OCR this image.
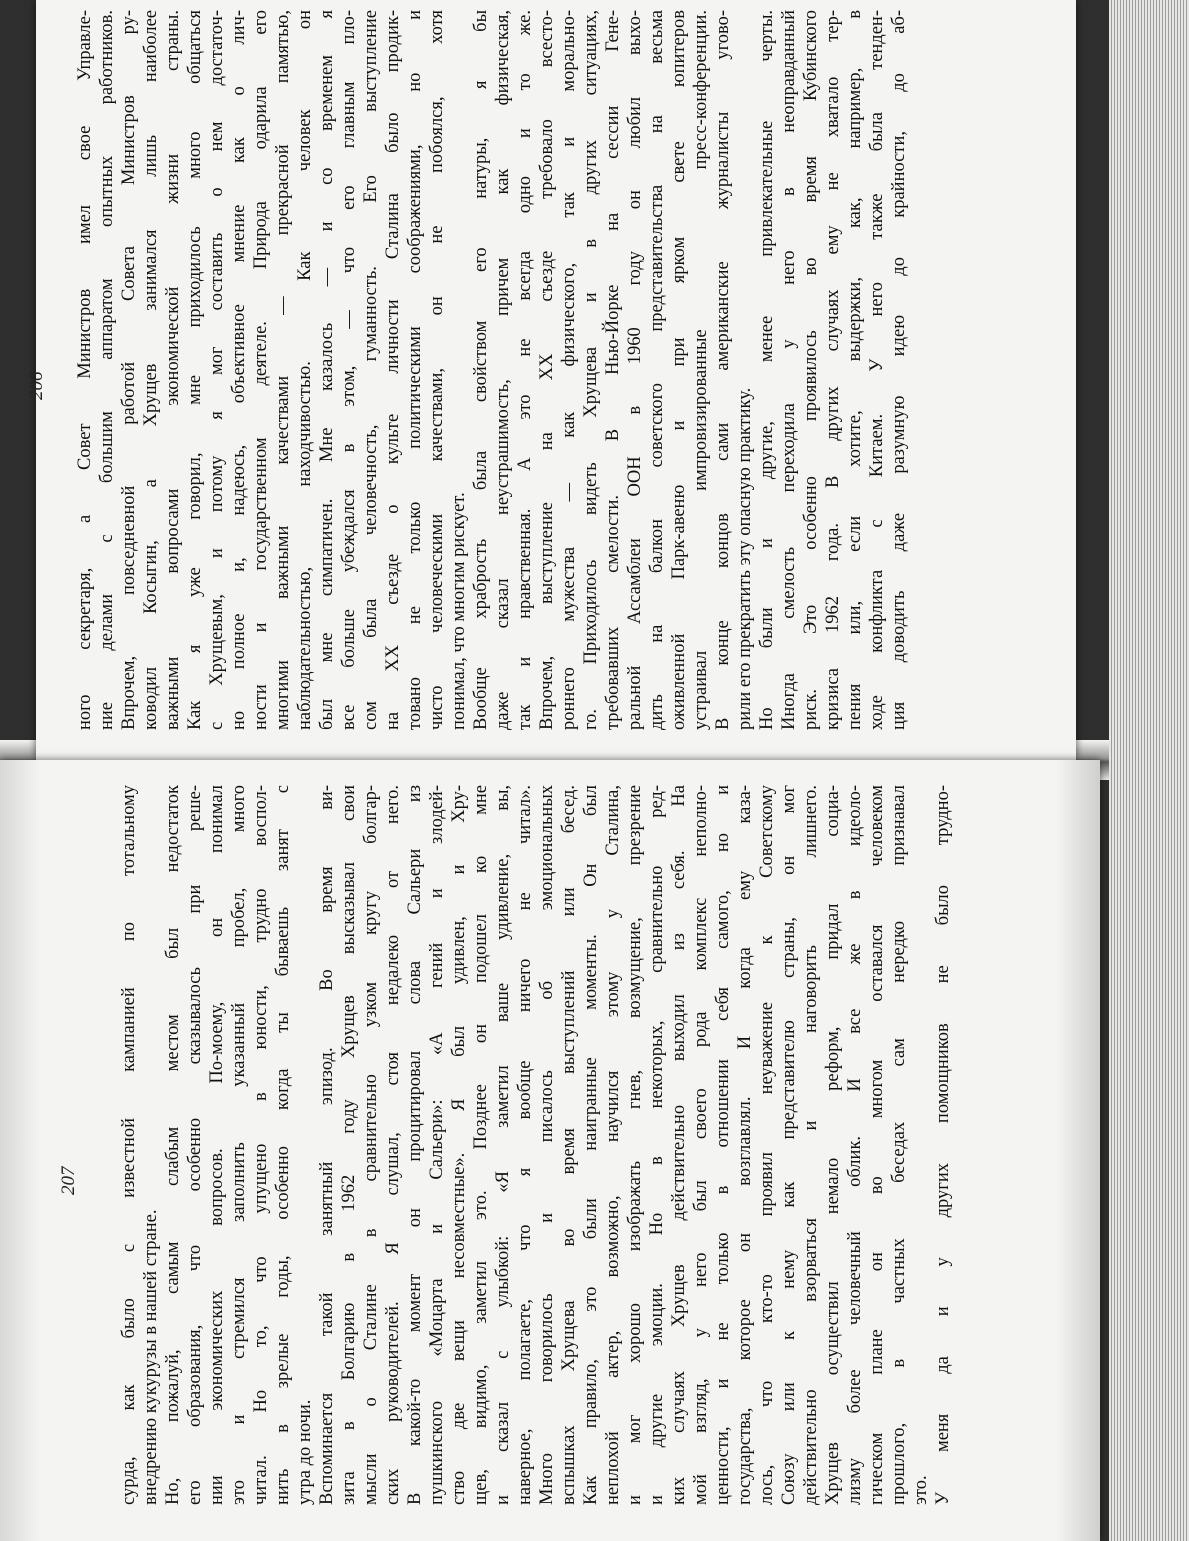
206 ного секретаря, а Совет Министров имел свое Управле- ние делами с большим аппаратом опытных работников. Впрочем, повседневной работой Совета Министров ру- ководил Косыгин, а Хрущев занимался лишь наиболее важными вопросами экономической жизни страны. Как я уже говорил, мне приходилось много общаться с Хрущевым, и потому я мог составить о нем достаточ- но полное и, надеюсь, объективное мнение как о лич- ности и государственном деятеле. Природа одарила его многими важными качествами — прекрасной памятью, наблюдательностью, находчивостью. Как человек он был мне симпатичен. Мне казалось — и со временем я все больше убеждался в этом, — что его главным пло- сом была человечность, гуманность. Его выступление на XX съезде о культе личности Сталина было продик- товано не только политическими соображениями, но и чисто человеческими качествами, он не побоялся, хотя понимал, что многим рискует. Вообще храбрость была свойством его натуры, я бы даже сказал неустрашимость, причем как физическая, так и нравственная. А это не всегда одно и то же. Впрочем, выступление на XX съезде требовало всесто- роннего мужества — как физического, так и морально- го. Приходилось видеть Хрущева и в других ситуациях, требовавших смелости. В Нью-Йорке на сессии Гене- ральной Ассамблеи ООН в 1960 году он любил выхо- дить на балкон советского представительства на весьма оживленной Парк-авеню и при ярком свете юпитеров устраивал импровизированные пресс-конференции. В конце концов сами американские журналисты угово- рили его прекратить эту опасную практику. Но были и другие, менее привлекательные черты. Иногда смелость переходила у него в неоправданный риск. Это особенно проявилось во время Кубинского кризиса 1962 года. В других случаях ему не хватало тер- пения или, если хотите, выдержки, как, например, в ходе конфликта с Китаем. У него также была тенден- ция доводить даже разумную идею до крайности, до аб-
207 сурда, как было с известной кампанией по тотальному внедрению кукурузы в нашей стране. Но, пожалуй, самым слабым местом был недостаток его образования, что особенно сказывалось при реше- нии экономических вопросов. По-моему, он понимал это и стремился заполнить указанный пробел, много читал. Но то, что упущено в юности, трудно воспол- нить в зрелые годы, особенно когда ты бываешь занят с утра до ночи. Вспоминается такой занятный эпизод. Во время ви- зита в Болгарию в 1962 году Хрущев высказывал свои мысли о Сталине в сравнительно узком кругу болгар- ских руководителей. Я слушал, стоя недалеко от него. В какой-то момент он процитировал слова Сальери из пушкинского «Моцарта и Сальери»: «А гений и злодей- ство две вещи несовместные». Я был удивлен, и Хру- щев, видимо, заметил это. Позднее он подошел ко мне и сказал с улыбкой: «Я заметил ваше удивление, вы, наверное, полагаете, что я вообще ничего не читал». Много говорилось и писалось об эмоциональных вспышках Хрущева во время выступлений или бесед. Как правило, это были наигранные моменты. Он был неплохой актер, возможно, научился этому у Сталина, и мог хорошо изображать гнев, возмущение, презрение и другие эмоции. Но в некоторых, сравнительно ред- ких случаях Хрущев действительно выходил из себя. На мой взгляд, у него был своего рода комплекс неполно- ценности, и не только в отношении себя самого, но и государства, которое он возглавлял. И когда ему каза- лось, что кто-то проявил неуважение к Советскому Союзу или к нему как представителю страны, он мог действительно взорваться и наговорить лишнего. Хрущев осуществил немало реформ, придал социа- лизму более человечный облик. И все же в идеоло- гическом плане он во многом оставался человеком прошлого, в частных беседах сам нередко признавал это. У меня да и у других помощников не было трудно-
